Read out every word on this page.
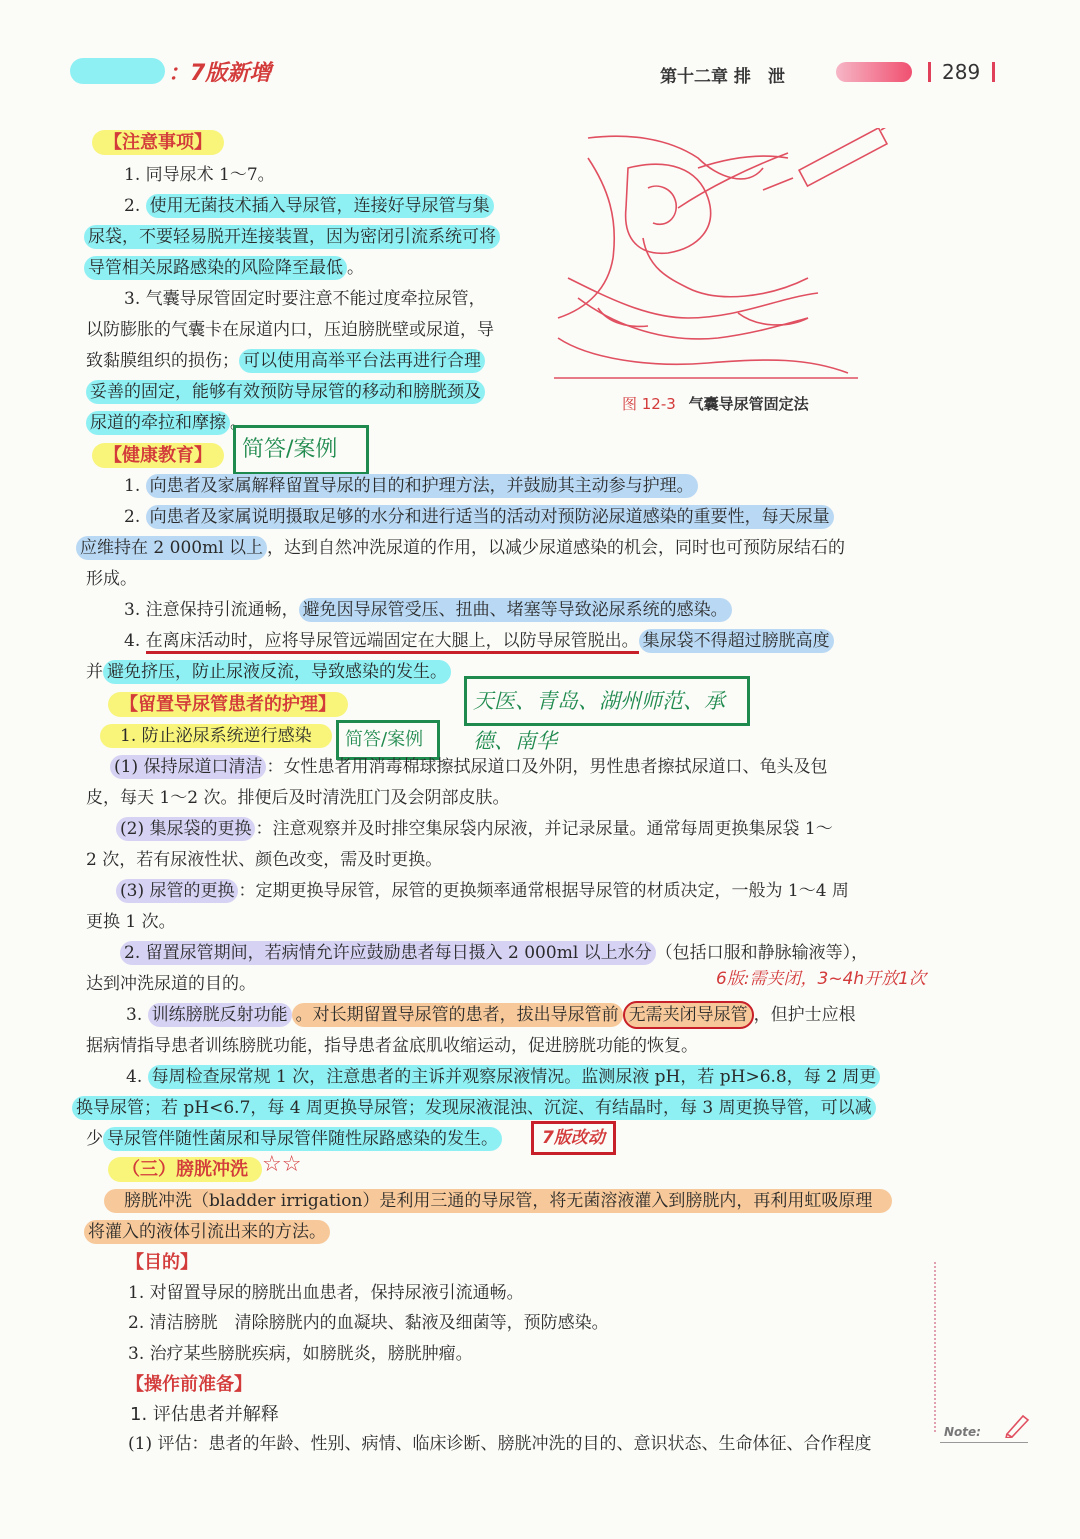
：7版新增	第十二章 排　泄	289
图 12-3 气囊导尿管固定法
【注意事项】
1. 同导尿术 1～7。
2. 使用无菌技术插入导尿管，连接好导尿管与集
尿袋，不要轻易脱开连接装置，因为密闭引流系统可将
导管相关尿路感染的风险降至最低 。
3. 气囊导尿管固定时要注意不能过度牵拉尿管，
以防膨胀的气囊卡在尿道内口，压迫膀胱壁或尿道，导
致黏膜组织的损伤； 可以使用高举平台法再进行合理
妥善的固定，能够有效预防导尿管的移动和膀胱颈及
尿道的牵拉和摩擦 。
【健康教育】	简答/案例
1. 向患者及家属解释留置导尿的目的和护理方法，并鼓励其主动参与护理。
2. 向患者及家属说明摄取足够的水分和进行适当的活动对预防泌尿道感染的重要性，每天尿量
应维持在 2 000ml 以上 ，达到自然冲洗尿道的作用，以减少尿道感染的机会，同时也可预防尿结石的
形成。
3. 注意保持引流通畅， 避免因导尿管受压、扭曲、堵塞等导致泌尿系统的感染。
4. 在离床活动时，应将导尿管远端固定在大腿上，以防导尿管脱出。 集尿袋不得超过膀胱高度
并 避免挤压，防止尿液反流，导致感染的发生。
天医、青岛、湖州师范、承德、南华
【留置导尿管患者的护理】
1. 防止泌尿系统逆行感染	简答/案例
(1) 保持尿道口清洁 ：女性患者用消毒棉球擦拭尿道口及外阴，男性患者擦拭尿道口、龟头及包
皮，每天 1～2 次。排便后及时清洗肛门及会阴部皮肤。
(2) 集尿袋的更换 ：注意观察并及时排空集尿袋内尿液，并记录尿量。通常每周更换集尿袋 1～
2 次，若有尿液性状、颜色改变，需及时更换。
(3) 尿管的更换 ：定期更换导尿管，尿管的更换频率通常根据导尿管的材质决定，一般为 1～4 周
更换 1 次。
2. 留置尿管期间，若病情允许应鼓励患者每日摄入 2 000ml 以上水分 （包括口服和静脉输液等），
达到冲洗尿道的目的。	6版:需夹闭，3~4h开放1次
3. 训练膀胱反射功能 。对长期留置导尿管的患者，拔出导尿管前 无需夹闭导尿管 ，但护士应根
据病情指导患者训练膀胱功能，指导患者盆底肌收缩运动，促进膀胱功能的恢复。
4. 每周检查尿常规 1 次，注意患者的主诉并观察尿液情况。监测尿液 pH，若 pH>6.8，每 2 周更
换导尿管；若 pH<6.7，每 4 周更换导尿管；发现尿液混浊、沉淀、有结晶时，每 3 周更换导管，可以减
少 导尿管伴随性菌尿和导尿管伴随性尿路感染的发生。	7版改动
（三）膀胱冲洗 ☆☆
膀胱冲洗（bladder irrigation）是利用三通的导尿管，将无菌溶液灌入到膀胱内，再利用虹吸原理
将灌入的液体引流出来的方法。
【目的】
1. 对留置导尿的膀胱出血患者，保持尿液引流通畅。
2. 清洁膀胱　清除膀胱内的血凝块、黏液及细菌等，预防感染。
3. 治疗某些膀胱疾病，如膀胱炎，膀胱肿瘤。
【操作前准备】
1. 评估患者并解释
(1) 评估：患者的年龄、性别、病情、临床诊断、膀胱冲洗的目的、意识状态、生命体征、合作程度
Note:
